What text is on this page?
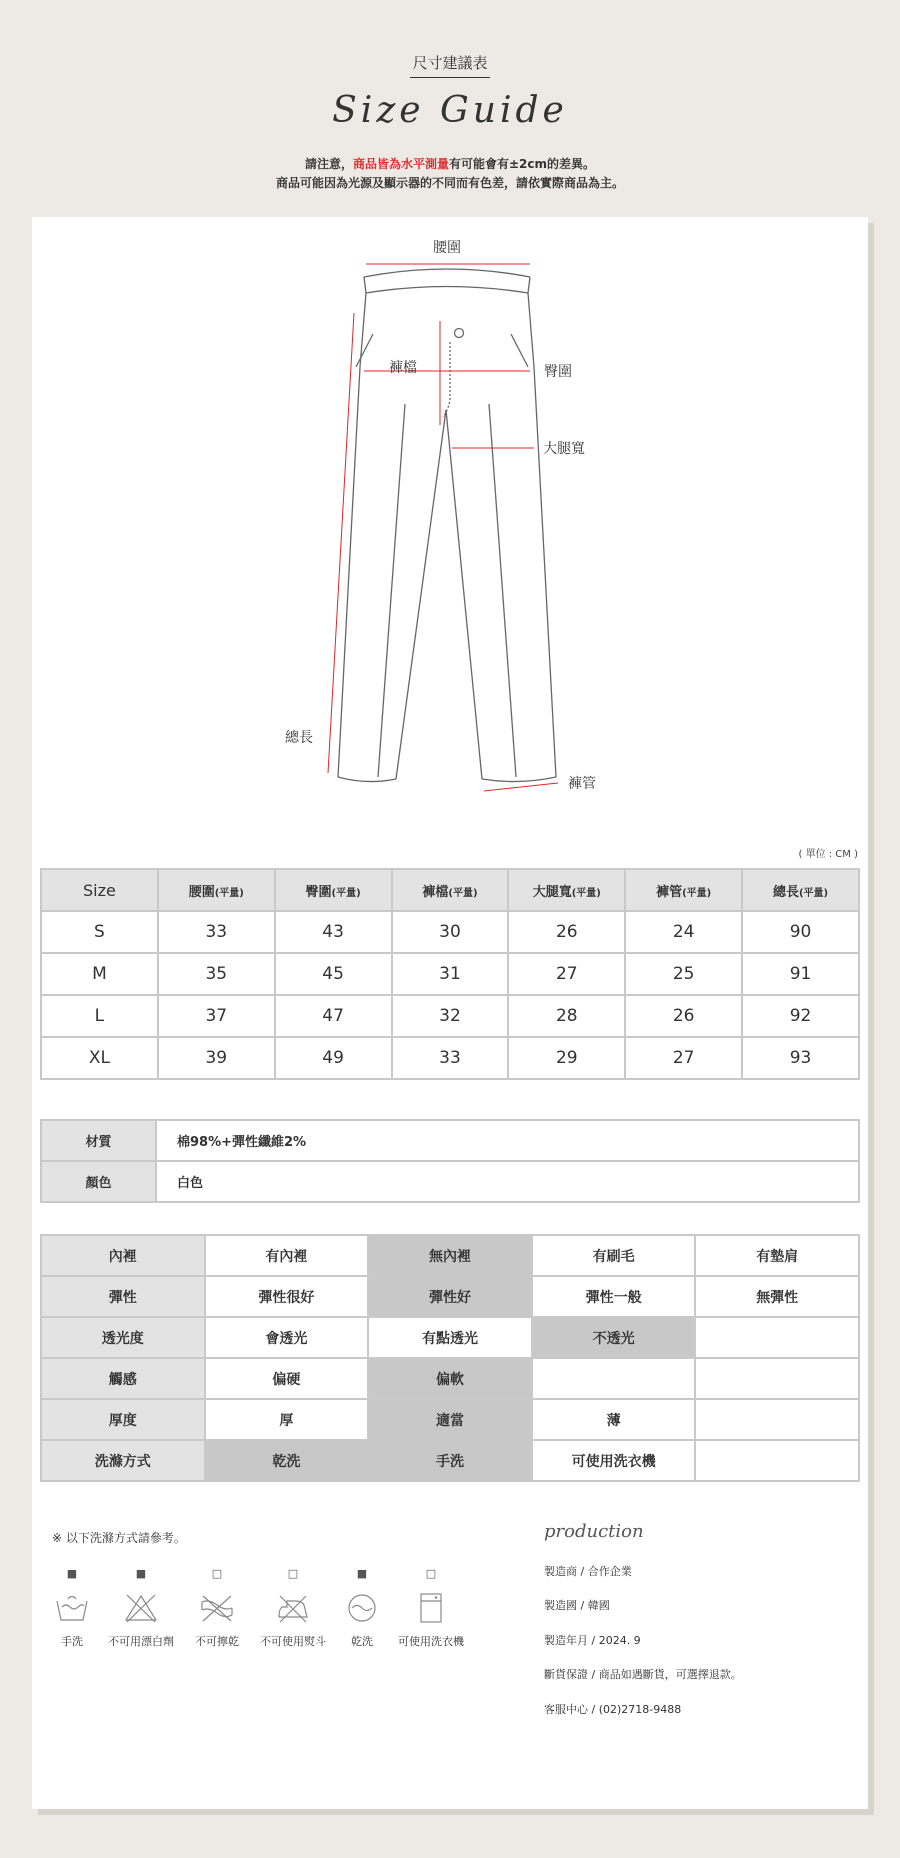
尺寸建議表
Size Guide
請注意，商品皆為水平測量有可能會有±2cm的差異。
商品可能因為光源及顯示器的不同而有色差，請依實際商品為主。
腰圍
褲檔	臀圍
大腿寬
總長
褲管
( 單位 : CM )
Size	腰圍(平量)	臀圍(平量)	褲檔(平量)	大腿寬(平量)	褲管(平量)	總長(平量)
S	33	43	30	26	24	90
M	35	45	31	27	25	91
L	37	47	32	28	26	92
XL	39	49	33	29	27	93
材質	棉98%+彈性纖維2%
顏色	白色
內裡	有內裡	無內裡	有刷毛	有墊肩
彈性	彈性很好	彈性好	彈性一般	無彈性
透光度	會透光	有點透光	不透光	
觸感	偏硬	偏軟		
厚度	厚	適當	薄	
洗滌方式	乾洗	手洗	可使用洗衣機	
※ 以下洗滌方式請參考。
■
手洗
■
不可用漂白劑
□
不可擰乾
□
不可使用熨斗
■
乾洗
□
可使用洗衣機
production
製造商 / 合作企業
製造國 / 韓國
製造年月 / 2024. 9
斷貨保證 / 商品如遇斷貨，可選擇退款。
客服中心 / (02)2718-9488
